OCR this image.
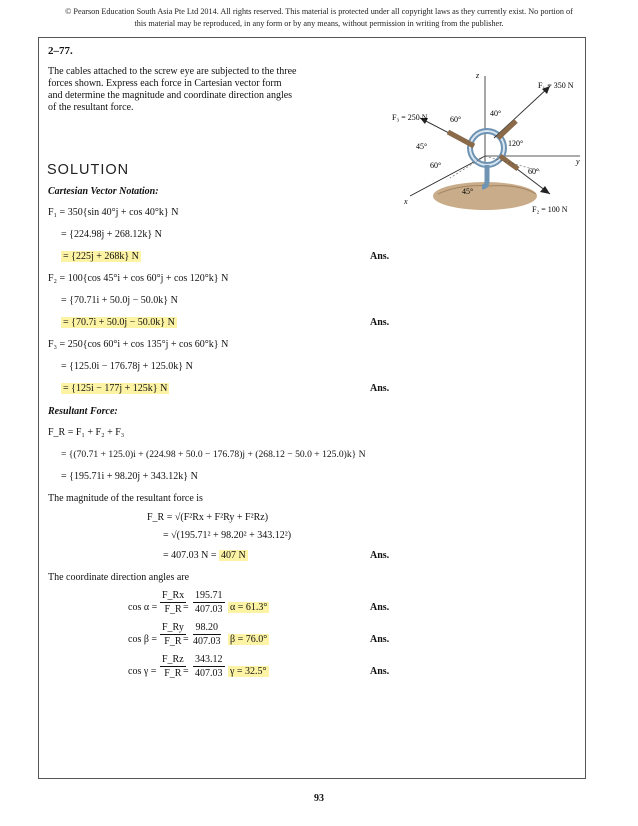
© Pearson Education South Asia Pte Ltd 2014. All rights reserved. This material is protected under all copyright laws as they currently exist. No portion of this material may be reproduced, in any form or by any means, without permission in writing from the publisher.
2–77.
The cables attached to the screw eye are subjected to the three forces shown. Express each force in Cartesian vector form and determine the magnitude and coordinate direction angles of the resultant force.
z
y
x
F₁ = 350 N
F₂ = 100 N
F₃ = 250 N	60°
40°
45°	120°
60°
60°
45°
SOLUTION
Cartesian Vector Notation:
F₁ = 350{sin 40°j + cos 40°k} N
= {224.98j + 268.12k} N
= {225j + 268k} N	Ans.
F₂ = 100{cos 45°i + cos 60°j + cos 120°k} N
= {70.71i + 50.0j − 50.0k} N
= {70.7i + 50.0j − 50.0k} N	Ans.
F₃ = 250{cos 60°i + cos 135°j + cos 60°k} N
= {125.0i − 176.78j + 125.0k} N
= {125i − 177j + 125k} N	Ans.
Resultant Force:
F_R = F₁ + F₂ + F₃
= {(70.71 + 125.0)i + (224.98 + 50.0 − 176.78)j + (268.12 − 50.0 + 125.0)k} N
= {195.71i + 98.20j + 343.12k} N
The magnitude of the resultant force is
F_R = √(F²Rx + F²Ry + F²Rz)
= √(195.71² + 98.20² + 343.12²)
= 407.03 N = 407 N	Ans.
The coordinate direction angles are
$\cos \alpha = \frac{F\_Rx}{F\_R}$
= $\frac{195.71}{407.03}$ α = 61.3°	Ans.
$\cos \beta = \frac{F\_Ry}{F\_R}$
= $\frac{98.20}{407.03}$ β = 76.0°	Ans.
$\cos \gamma = \frac{F\_Rz}{F\_R}$
= $\frac{343.12}{407.03}$ γ = 32.5°	Ans.
93
